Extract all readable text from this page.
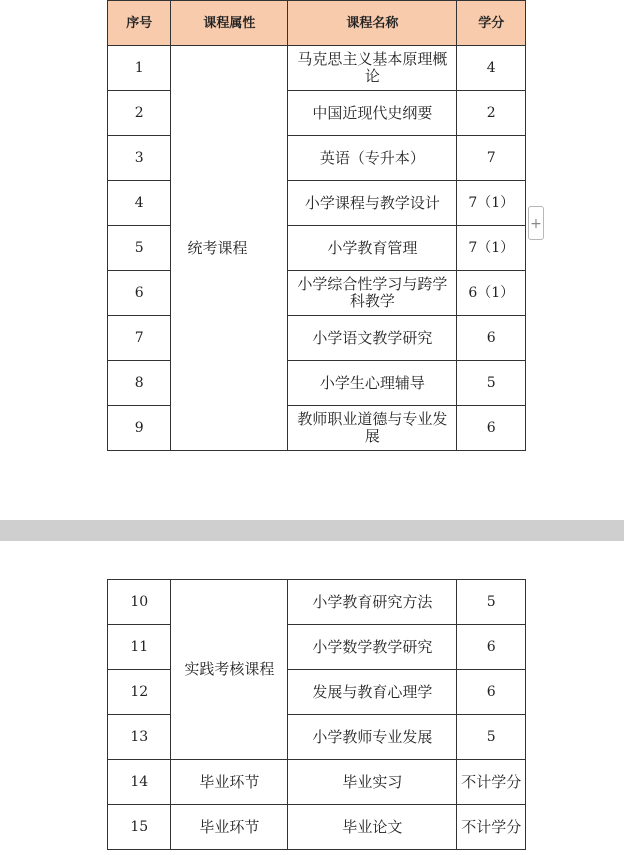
序号	课程属性	课程名称	学分
1	统考课程	马克思主义基本原理概论	4
2		中国近现代史纲要	2
3		英语（专升本）	7
4		小学课程与教学设计	7（1）
5		小学教育管理	7（1）
6		小学综合性学习与跨学科教学	6（1）
7		小学语文教学研究	6
8		小学生心理辅导	5
9		教师职业道德与专业发展	6
+
10	实践考核课程	小学教育研究方法	5
11		小学数学教学研究	6
12		发展与教育心理学	6
13		小学教师专业发展	5
14	毕业环节	毕业实习	不计学分
15	毕业环节	毕业论文	不计学分
